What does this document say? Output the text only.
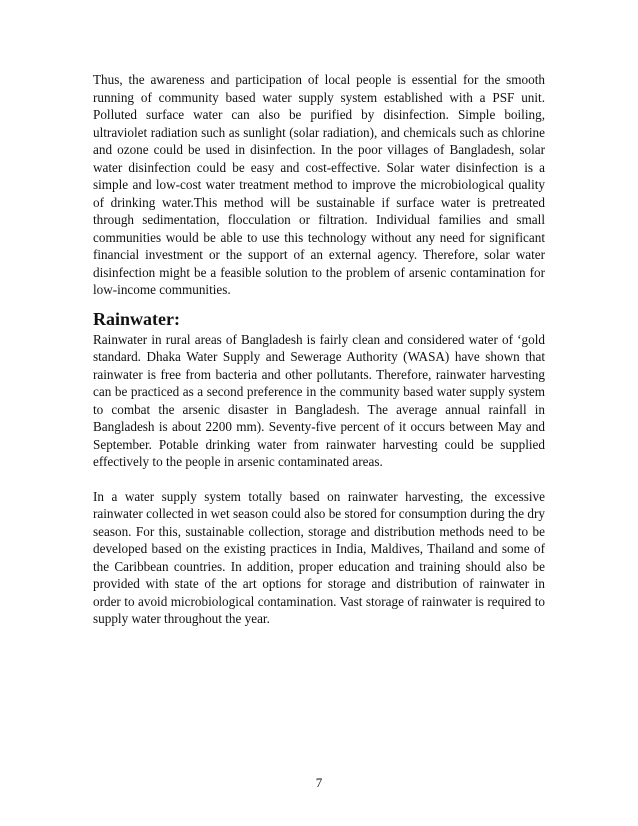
Thus, the awareness and participation of local people is essential for the smooth running of community based water supply system established with a PSF unit. Polluted surface water can also be purified by disinfection. Simple boiling, ultraviolet radiation such as sunlight (solar radiation), and chemicals such as chlorine and ozone could be used in disinfection. In the poor villages of Bangladesh, solar water disinfection could be easy and cost-effective. Solar water disinfection is a simple and low-cost water treatment method to improve the microbiological quality of drinking water.This method will be sustainable if surface water is pretreated through sedimentation, flocculation or filtration. Individual families and small communities would be able to use this technology without any need for significant financial investment or the support of an external agency. Therefore, solar water disinfection might be a feasible solution to the problem of arsenic contamination for low-income communities.

Rainwater:

Rainwater in rural areas of Bangladesh is fairly clean and considered water of ‘gold standard. Dhaka Water Supply and Sewerage Authority (WASA) have shown that rainwater is free from bacteria and other pollutants. Therefore, rainwater harvesting can be practiced as a second preference in the community based water supply system to combat the arsenic disaster in Bangladesh. The average annual rainfall in Bangladesh is about 2200 mm). Seventy-five percent of it occurs between May and September. Potable drinking water from rainwater harvesting could be supplied effectively to the people in arsenic contaminated areas.

In a water supply system totally based on rainwater harvesting, the excessive rainwater collected in wet season could also be stored for consumption during the dry season. For this, sustainable collection, storage and distribution methods need to be developed based on the existing practices in India, Maldives, Thailand and some of the Caribbean countries. In addition, proper education and training should also be provided with state of the art options for storage and distribution of rainwater in order to avoid microbiological contamination. Vast storage of rainwater is required to supply water throughout the year.

7
